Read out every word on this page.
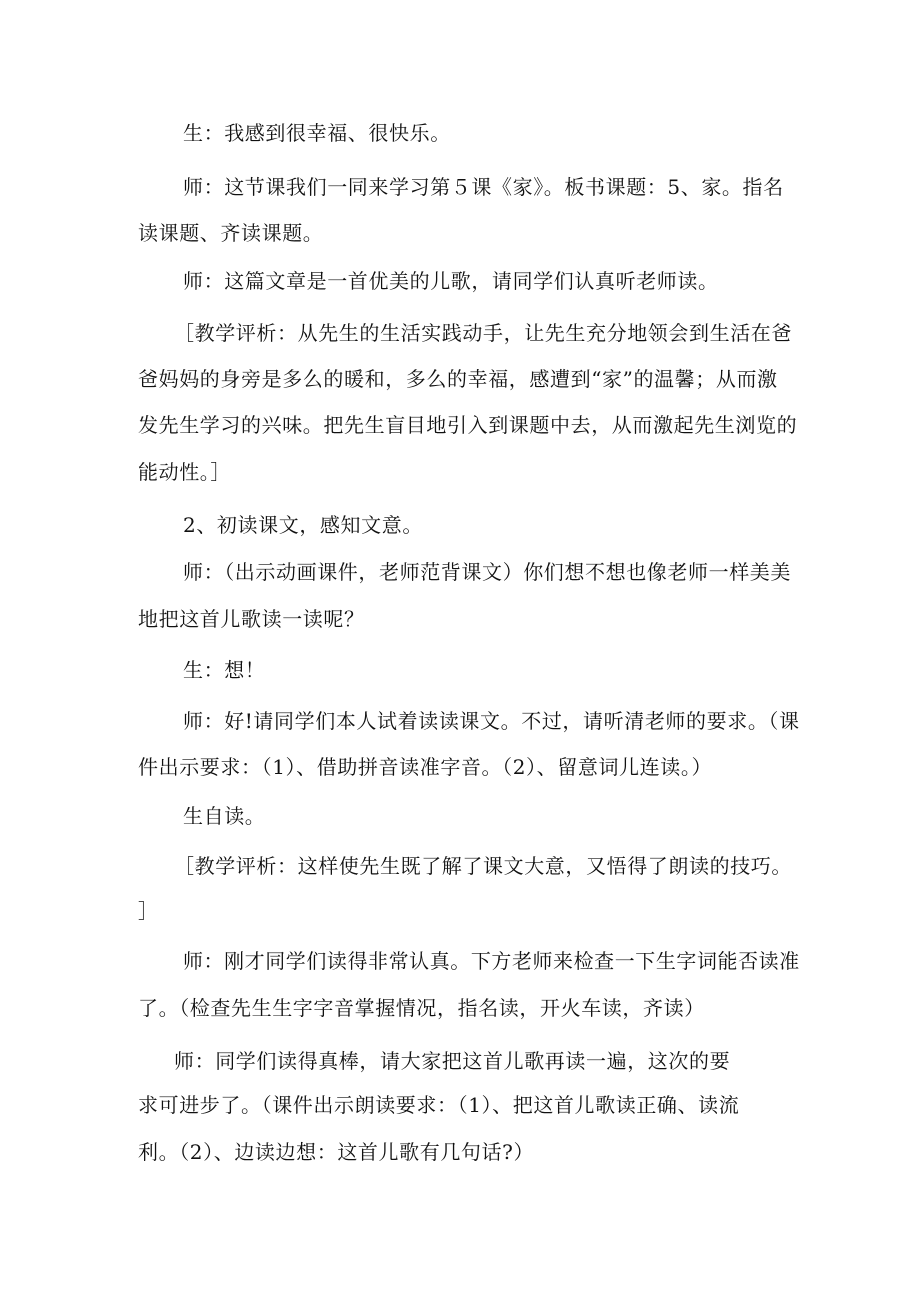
生：我感到很幸福、很快乐。
师：这节课我们一同来学习第５课《家》。板书课题：5、家。指名
读课题、齐读课题。
师：这篇文章是一首优美的儿歌，请同学们认真听老师读。
［教学评析：从先生的生活实践动手，让先生充分地领会到生活在爸
爸妈妈的身旁是多么的暖和，多么的幸福，感遭到“家”的温馨；从而激
发先生学习的兴味。把先生盲目地引入到课题中去，从而激起先生浏览的
能动性。］
2、初读课文，感知文意。
师：（出示动画课件，老师范背课文）你们想不想也像老师一样美美
地把这首儿歌读一读呢？
生：想！
师：好!请同学们本人试着读读课文。不过，请听清老师的要求。（课
件出示要求：（1）、借助拼音读准字音。（2）、留意词儿连读。）
生自读。
［教学评析：这样使先生既了解了课文大意，又悟得了朗读的技巧。
］
师：刚才同学们读得非常认真。下方老师来检查一下生字词能否读准
了。（检查先生生字字音掌握情况，指名读，开火车读，齐读）
师：同学们读得真棒，请大家把这首儿歌再读一遍，这次的要
求可进步了。（课件出示朗读要求：（1）、把这首儿歌读正确、读流
利。（2）、边读边想：这首儿歌有几句话?）
